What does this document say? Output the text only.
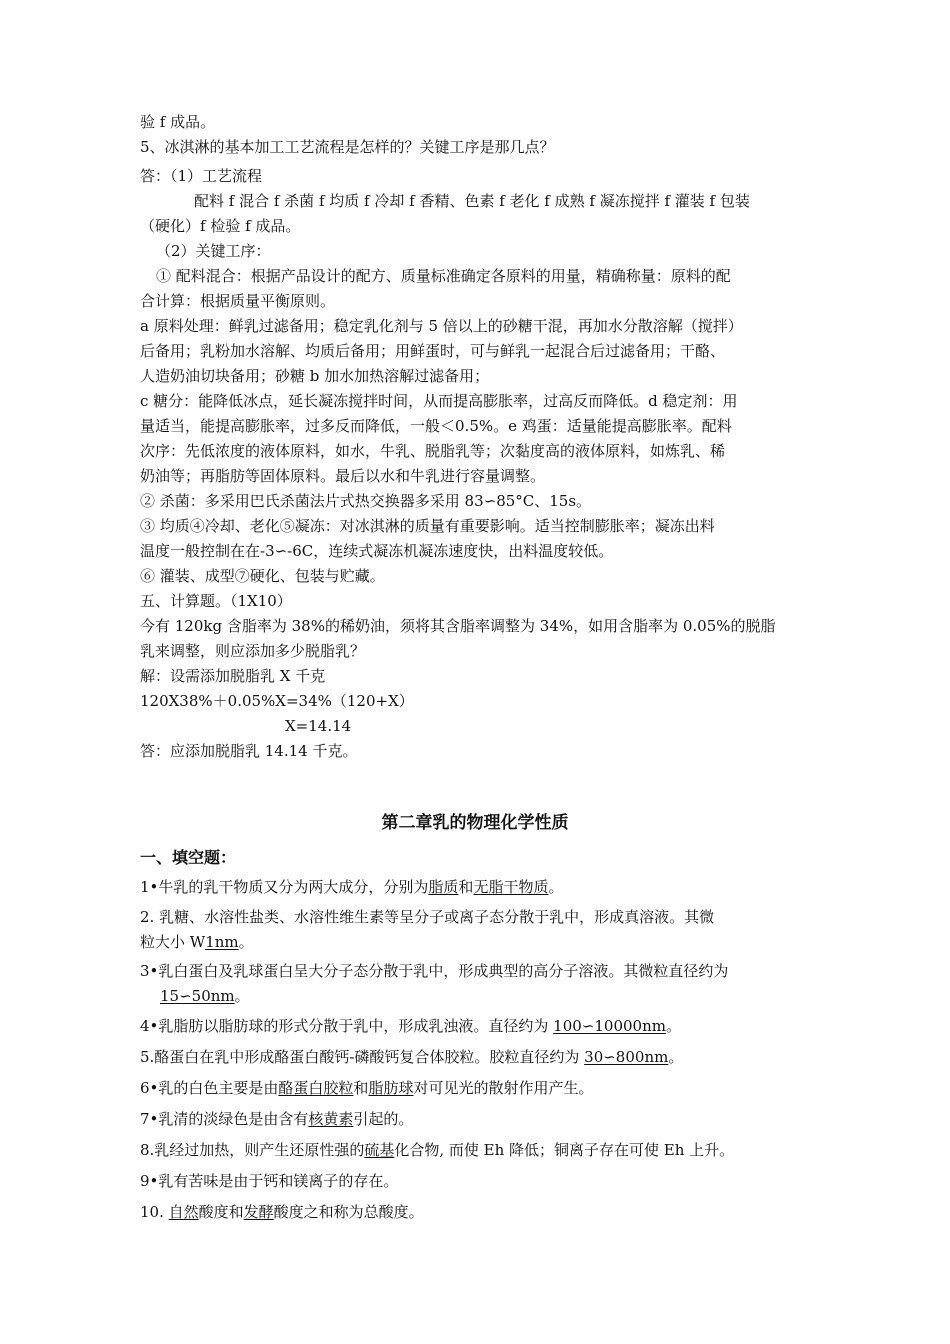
验 f 成品。

5、冰淇淋的基本加工工艺流程是怎样的？关键工序是那几点？

答：（1）工艺流程

配料 f 混合 f 杀菌 f 均质 f 冷却 f 香精、色素 f 老化 f 成熟 f 凝冻搅拌 f 灌装 f 包装

（硬化）f 检验 f 成品。

（2）关键工序：

① 配料混合：根据产品设计的配方、质量标准确定各原料的用量，精确称量：原料的配

合计算：根据质量平衡原则。

a 原料处理：鲜乳过滤备用；稳定乳化剂与 5 倍以上的砂糖干混，再加水分散溶解（搅拌）

后备用；乳粉加水溶解、均质后备用；用鲜蛋时，可与鲜乳一起混合后过滤备用；干酪、

人造奶油切块备用；砂糖 b 加水加热溶解过滤备用；

c 糖分：能降低冰点，延长凝冻搅拌时间，从而提高膨胀率，过高反而降低。d 稳定剂：用

量适当，能提高膨胀率，过多反而降低，一般＜0.5%。e 鸡蛋：适量能提高膨胀率。配料

次序：先低浓度的液体原料，如水，牛乳、脱脂乳等；次黏度高的液体原料，如炼乳、稀

奶油等；再脂肪等固体原料。最后以水和牛乳进行容量调整。

② 杀菌：多采用巴氏杀菌法片式热交换器多采用 83∽85°C、15s。

③ 均质④冷却、老化⑤凝冻：对冰淇淋的质量有重要影响。适当控制膨胀率；凝冻出料

温度一般控制在在-3∽-6C，连续式凝冻机凝冻速度快，出料温度较低。

⑥ 灌装、成型⑦硬化、包装与贮藏。

五、计算题。（1X10）

今有 120kg 含脂率为 38%的稀奶油，须将其含脂率调整为 34%，如用含脂率为 0.05%的脱脂

乳来调整，则应添加多少脱脂乳？

解：设需添加脱脂乳 X 千克

120X38%＋0.05%X=34%（120+X）

X=14.14

答：应添加脱脂乳 14.14 千克。

第二章乳的物理化学性质
一、填空题：

1•牛乳的乳干物质又分为两大成分，分别为脂质和无脂干物质。

2. 乳糖、水溶性盐类、水溶性维生素等呈分子或离子态分散于乳中，形成真溶液。其微

粒大小 W1nm。

3•乳白蛋白及乳球蛋白呈大分子态分散于乳中，形成典型的高分子溶液。其微粒直径约为

15∽50nm。

4•乳脂肪以脂肪球的形式分散于乳中，形成乳浊液。直径约为 100∽10000nm。

5.酪蛋白在乳中形成酪蛋白酸钙-磷酸钙复合体胶粒。胶粒直径约为 30∽800nm。

6•乳的白色主要是由酪蛋白胶粒和脂肪球对可见光的散射作用产生。

7•乳清的淡绿色是由含有核黄素引起的。

8.乳经过加热，则产生还原性强的硫基化合物, 而使 Eh 降低；铜离子存在可使 Eh 上升。

9•乳有苦味是由于钙和镁离子的存在。

10. 自然酸度和发酵酸度之和称为总酸度。
